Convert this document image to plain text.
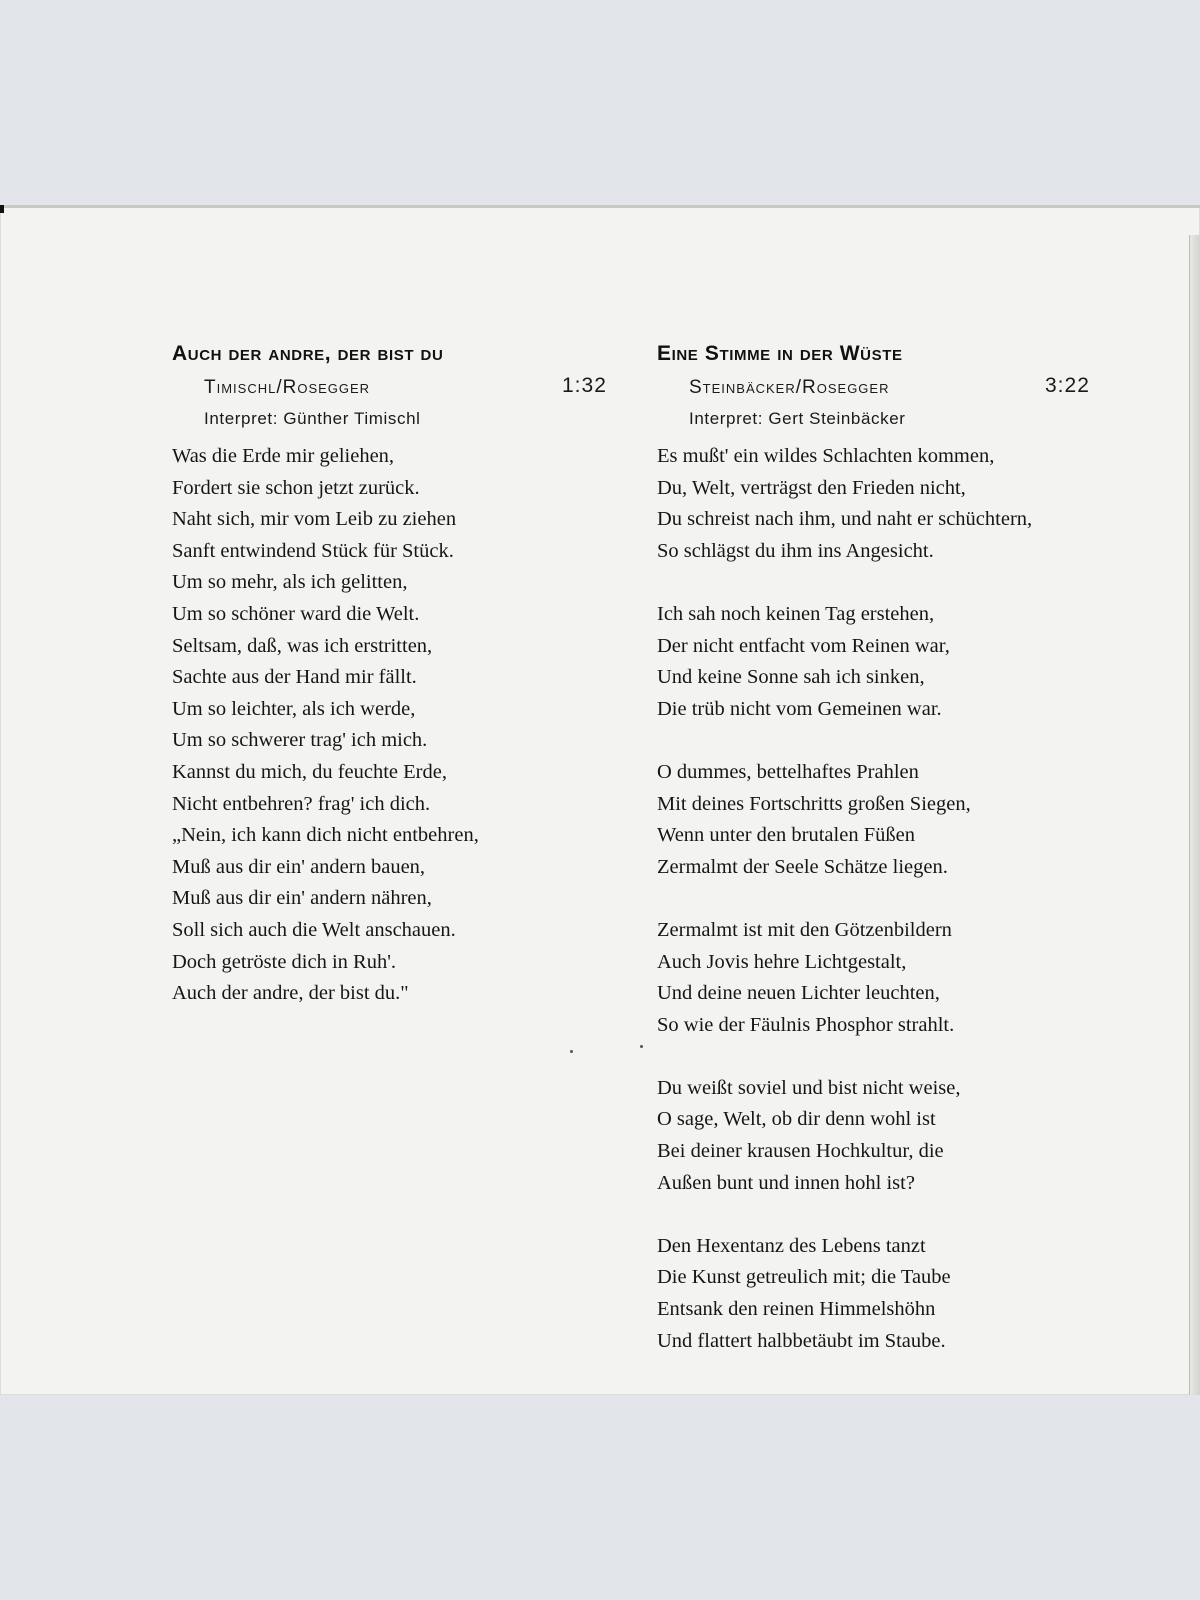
Auch der andre, der bist du
Timischl/Rosegger	1:32
Interpret: Günther Timischl
Was die Erde mir geliehen,
Fordert sie schon jetzt zurück.
Naht sich, mir vom Leib zu ziehen
Sanft entwindend Stück für Stück.
Um so mehr, als ich gelitten,
Um so schöner ward die Welt.
Seltsam, daß, was ich erstritten,
Sachte aus der Hand mir fällt.
Um so leichter, als ich werde,
Um so schwerer trag' ich mich.
Kannst du mich, du feuchte Erde,
Nicht entbehren? frag' ich dich.
„Nein, ich kann dich nicht entbehren,
Muß aus dir ein' andern bauen,
Muß aus dir ein' andern nähren,
Soll sich auch die Welt anschauen.
Doch getröste dich in Ruh'.
Auch der andre, der bist du."
Eine Stimme in der Wüste
Steinbäcker/Rosegger	3:22
Interpret: Gert Steinbäcker
Es mußt' ein wildes Schlachten kommen,
Du, Welt, verträgst den Frieden nicht,
Du schreist nach ihm, und naht er schüchtern,
So schlägst du ihm ins Angesicht.
Ich sah noch keinen Tag erstehen,
Der nicht entfacht vom Reinen war,
Und keine Sonne sah ich sinken,
Die trüb nicht vom Gemeinen war.
O dummes, bettelhaftes Prahlen
Mit deines Fortschritts großen Siegen,
Wenn unter den brutalen Füßen
Zermalmt der Seele Schätze liegen.
Zermalmt ist mit den Götzenbildern
Auch Jovis hehre Lichtgestalt,
Und deine neuen Lichter leuchten,
So wie der Fäulnis Phosphor strahlt.
Du weißt soviel und bist nicht weise,
O sage, Welt, ob dir denn wohl ist
Bei deiner krausen Hochkultur, die
Außen bunt und innen hohl ist?
Den Hexentanz des Lebens tanzt
Die Kunst getreulich mit; die Taube
Entsank den reinen Himmelshöhn
Und flattert halbbetäubt im Staube.
